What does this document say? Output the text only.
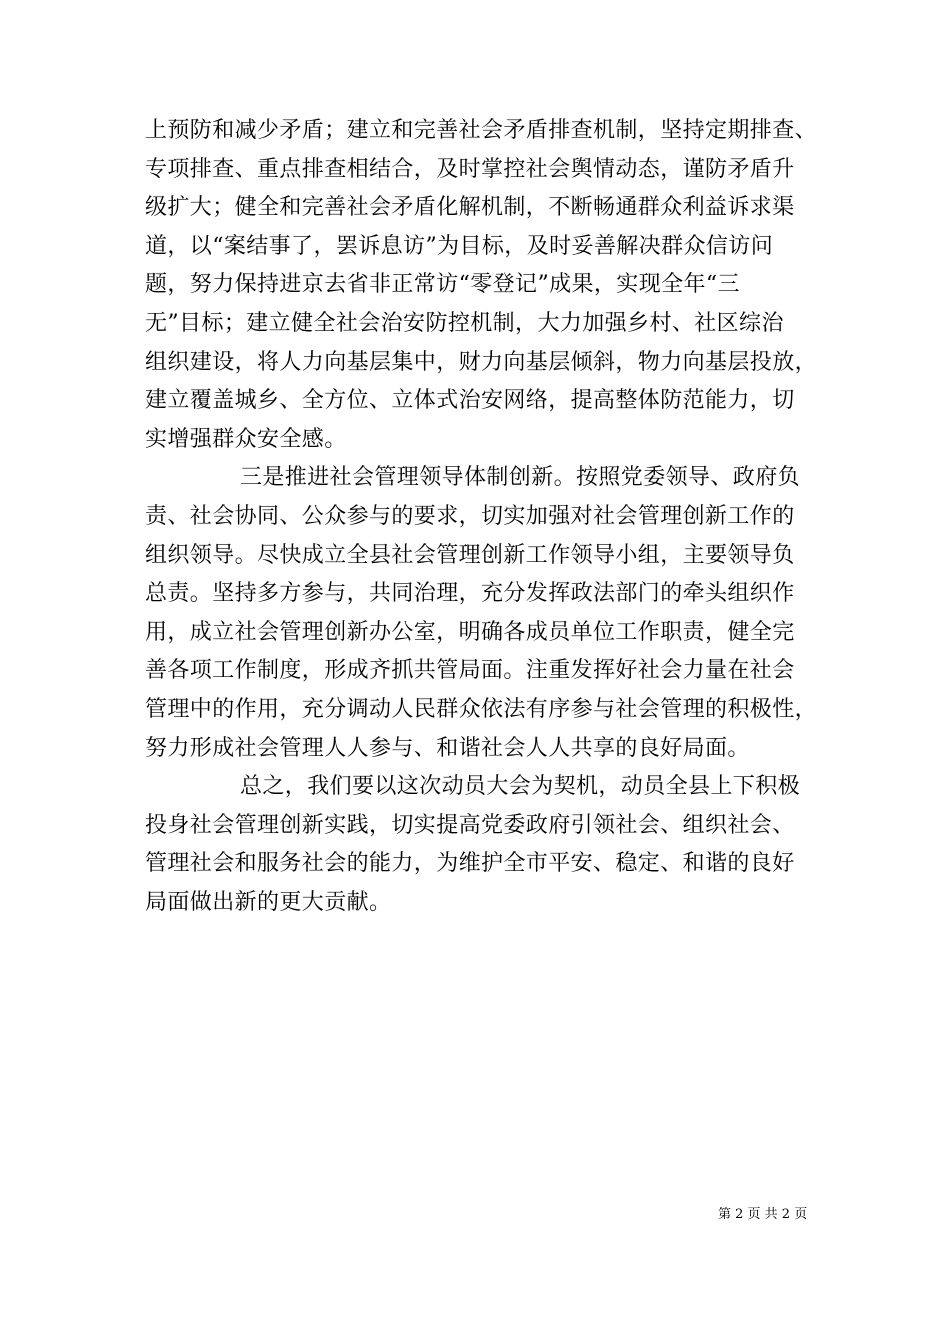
上预防和减少矛盾；建立和完善社会矛盾排查机制，坚持定期排查、
专项排查、重点排查相结合，及时掌控社会舆情动态，谨防矛盾升
级扩大；健全和完善社会矛盾化解机制，不断畅通群众利益诉求渠
道，以“案结事了，罢诉息访”为目标，及时妥善解决群众信访问
题，努力保持进京去省非正常访“零登记”成果，实现全年“三
无”目标；建立健全社会治安防控机制，大力加强乡村、社区综治
组织建设，将人力向基层集中，财力向基层倾斜，物力向基层投放，
建立覆盖城乡、全方位、立体式治安网络，提高整体防范能力，切
实增强群众安全感。
三是推进社会管理领导体制创新。按照党委领导、政府负
责、社会协同、公众参与的要求，切实加强对社会管理创新工作的
组织领导。尽快成立全县社会管理创新工作领导小组，主要领导负
总责。坚持多方参与，共同治理，充分发挥政法部门的牵头组织作
用，成立社会管理创新办公室，明确各成员单位工作职责，健全完
善各项工作制度，形成齐抓共管局面。注重发挥好社会力量在社会
管理中的作用，充分调动人民群众依法有序参与社会管理的积极性，
努力形成社会管理人人参与、和谐社会人人共享的良好局面。
总之，我们要以这次动员大会为契机，动员全县上下积极
投身社会管理创新实践，切实提高党委政府引领社会、组织社会、
管理社会和服务社会的能力，为维护全市平安、稳定、和谐的良好
局面做出新的更大贡献。
第 2 页 共 2 页
